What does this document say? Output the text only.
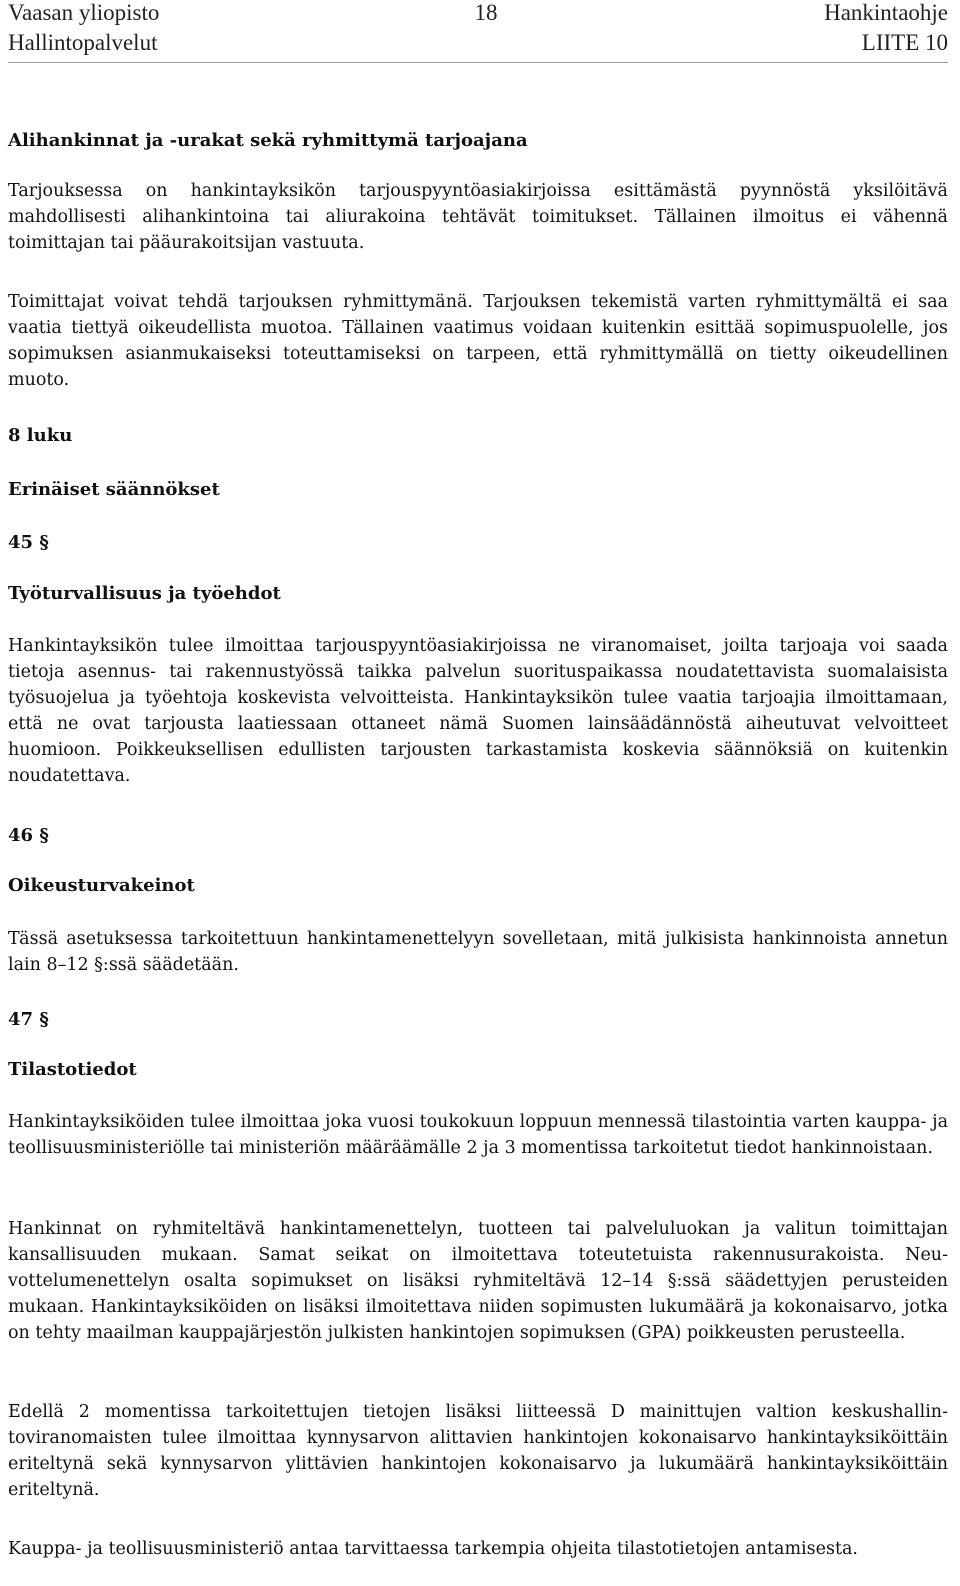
Vaasan yliopisto	18	Hankintaohje
Hallintopalvelut	LIITE 10
Alihankinnat ja -urakat sekä ryhmittymä tarjoajana

Tarjouksessa on hankintayksikön tarjouspyyntöasiakirjoissa esittämästä pyynnöstä yksilöitävä mahdollisesti alihankintoina tai aliurakoina tehtävät toimitukset. Tällainen ilmoitus ei vähennä toimittajan tai pääurakoitsijan vastuuta.

Toimittajat voivat tehdä tarjouksen ryhmittymänä. Tarjouksen tekemistä varten ryhmittymältä ei saa vaatia tiettyä oikeudellista muotoa. Tällainen vaatimus voidaan kuitenkin esittää sopimuspuolelle, jos sopimuksen asianmukaiseksi toteuttamiseksi on tarpeen, että ryhmittymällä on tietty oikeudellinen muoto.

8 luku
Erinäiset säännökset
45 §
Työturvallisuus ja työehdot

Hankintayksikön tulee ilmoittaa tarjouspyyntöasiakirjoissa ne viranomaiset, joilta tarjoaja voi saada tietoja asennus- tai rakennustyössä taikka palvelun suorituspaikassa noudatettavista suomalaisista työsuojelua ja työehtoja koskevista velvoitteista. Hankintayksikön tulee vaatia tarjoajia ilmoittamaan, että ne ovat tarjousta laatiessaan ottaneet nämä Suomen lainsäädännöstä aiheutuvat velvoitteet huomioon. Poikkeuksellisen edullisten tarjousten tarkastamista koskevia säännöksiä on kuitenkin noudatettava.

46 §
Oikeusturvakeinot

Tässä asetuksessa tarkoitettuun hankintamenettelyyn sovelletaan, mitä julkisista hankinnoista annetun lain 8–12 §:ssä säädetään.

47 §
Tilastotiedot

Hankintayksiköiden tulee ilmoittaa joka vuosi toukokuun loppuun mennessä tilastointia varten kauppa- ja teollisuusministeriölle tai ministeriön määräämälle 2 ja 3 momentissa tarkoitetut tiedot hankinnoistaan.

Hankinnat on ryhmiteltävä hankintamenettelyn, tuotteen tai palveluluokan ja valitun toimittajan kansallisuuden mukaan. Samat seikat on ilmoitettava toteutetuista rakennusurakoista. Neuvottelumenettelyn osalta sopimukset on lisäksi ryhmiteltävä 12–14 §:ssä säädettyjen perusteiden mukaan. Hankintayksiköiden on lisäksi ilmoitettava niiden sopimusten lukumäärä ja kokonaisarvo, jotka on tehty maailman kauppajärjestön julkisten hankintojen sopimuksen (GPA) poikkeusten perusteella.

Edellä 2 momentissa tarkoitettujen tietojen lisäksi liitteessä D mainittujen valtion keskushallintoviranomaisten tulee ilmoittaa kynnysarvon alittavien hankintojen kokonaisarvo hankintayksiköittäin eriteltynä sekä kynnysarvon ylittävien hankintojen kokonaisarvo ja lukumäärä hankintayksiköittäin eriteltynä.

Kauppa- ja teollisuusministeriö antaa tarvittaessa tarkempia ohjeita tilastotietojen antamisesta.
